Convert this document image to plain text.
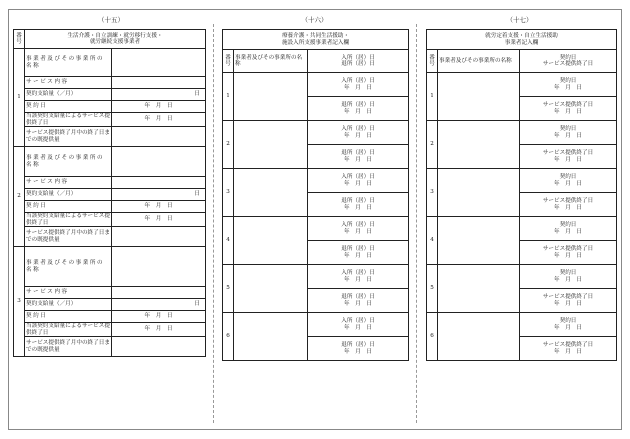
（十五）	（十六）	（十七）
番号	生活介護・自立訓練・就労移行支援・
就労継続支援事業者	

1	事業者及びその事業所の名称	
	サービス内容	
	契約支給量（／月）	日
	契約日	年　月　日
	当該契約支給量によるサービス提供終了日	年　月　日
	サービス提供終了月中の終了日までの既提供量	
2	事業者及びその事業所の名称	
	サービス内容	
	契約支給量（／月）	日
	契約日	年　月　日
	当該契約支給量によるサービス提供終了日	年　月　日
	サービス提供終了月中の終了日までの既提供量	
3	事業者及びその事業所の名称	
	サービス内容	
	契約支給量（／月）	日
	契約日	年　月　日
	当該契約支給量によるサービス提供終了日	年　月　日
	サービス提供終了月中の終了日までの既提供量	
療養介護・共同生活援助・
施設入所支援事業者記入欄		

番号	事業者及びその事業所の名称	入所（居）日
退所（居）日

1		入所（居）日
年　月　日

		退所（居）日
年　月　日

2		入所（居）日
年　月　日

		退所（居）日
年　月　日

3		入所（居）日
年　月　日

		退所（居）日
年　月　日

4		入所（居）日
年　月　日

		退所（居）日
年　月　日

5		入所（居）日
年　月　日

		退所（居）日
年　月　日

6		入所（居）日
年　月　日

		退所（居）日
年　月　日
就労定着支援・自立生活援助
事業者記入欄		

番号	事業者及びその事業所の名称	契約日
サービス提供終了日

1		契約日
年　月　日

		サービス提供終了日
年　月　日

2		契約日
年　月　日

		サービス提供終了日
年　月　日

3		契約日
年　月　日

		サービス提供終了日
年　月　日

4		契約日
年　月　日

		サービス提供終了日
年　月　日

5		契約日
年　月　日

		サービス提供終了日
年　月　日

6		契約日
年　月　日

		サービス提供終了日
年　月　日
